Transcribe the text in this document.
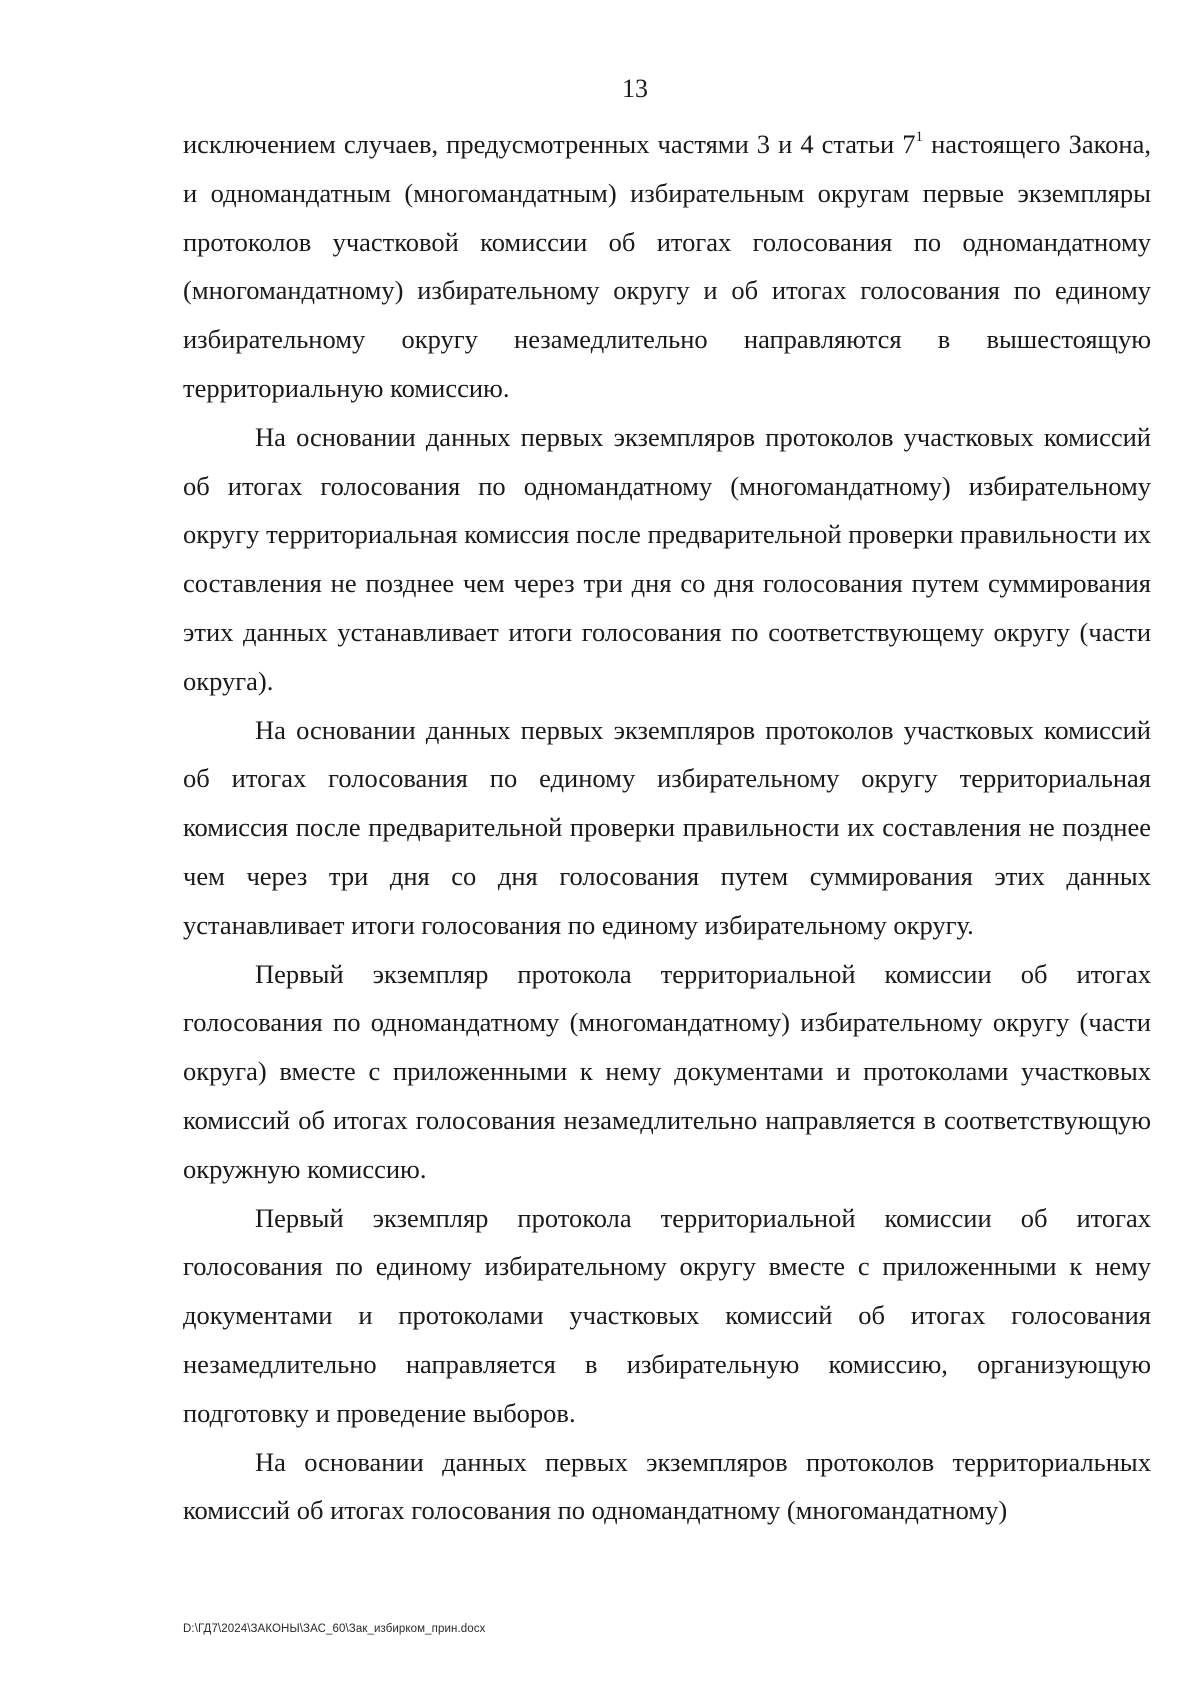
13

исключением случаев, предусмотренных частями 3 и 4 статьи $7^1$ настоящего Закона, и одномандатным (многомандатным) избирательным округам первые экземпляры протоколов участковой комиссии об итогах голосования по одномандатному (многомандатному) избирательному округу и об итогах голосования по единому избирательному округу незамедлительно направляются в вышестоящую территориальную комиссию.

На основании данных первых экземпляров протоколов участковых комиссий об итогах голосования по одномандатному (многомандатному) избирательному округу территориальная комиссия после предварительной проверки правильности их составления не позднее чем через три дня со дня голосования путем суммирования этих данных устанавливает итоги голосования по соответствующему округу (части округа).

На основании данных первых экземпляров протоколов участковых комиссий об итогах голосования по единому избирательному округу территориальная комиссия после предварительной проверки правильности их составления не позднее чем через три дня со дня голосования путем суммирования этих данных устанавливает итоги голосования по единому избирательному округу.

Первый экземпляр протокола территориальной комиссии об итогах голосования по одномандатному (многомандатному) избирательному округу (части округа) вместе с приложенными к нему документами и протоколами участковых комиссий об итогах голосования незамедлительно направляется в соответствующую окружную комиссию.

Первый экземпляр протокола территориальной комиссии об итогах голосования по единому избирательному округу вместе с приложенными к нему документами и протоколами участковых комиссий об итогах голосования незамедлительно направляется в избирательную комиссию, организующую подготовку и проведение выборов.

На основании данных первых экземпляров протоколов территориальных комиссий об итогах голосования по одномандатному (многомандатному)

D:\ГД7\2024\ЗАКОНЫ\ЗАС_60\Зак_избирком_прин.docx
